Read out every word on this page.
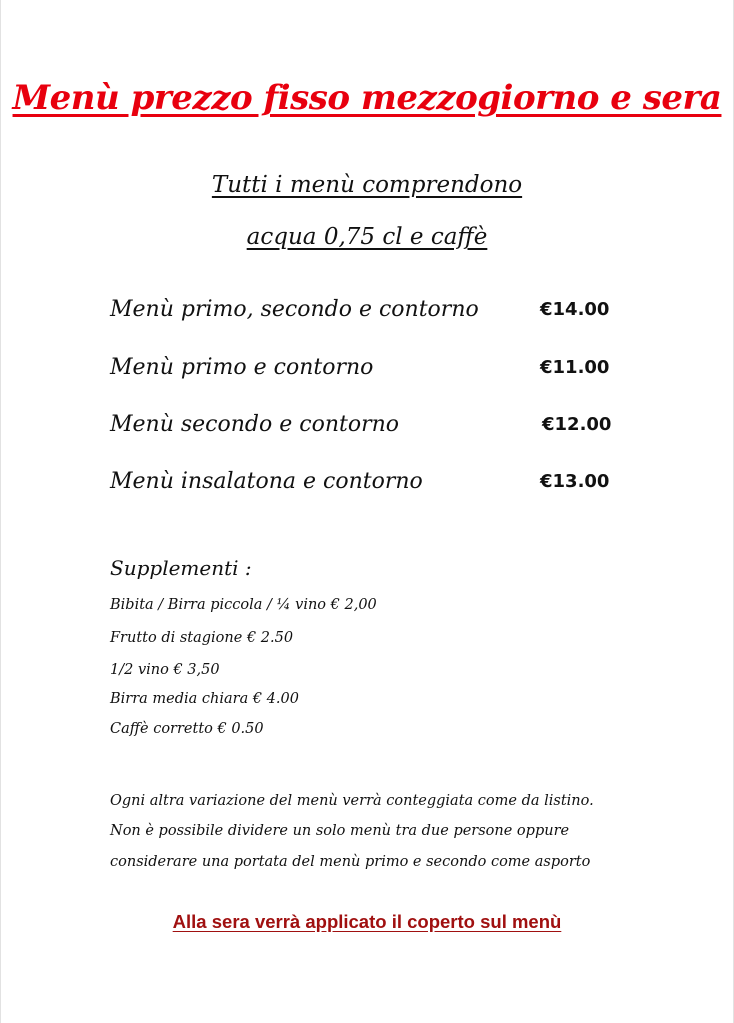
Menù prezzo fisso mezzogiorno e sera
Tutti i menù comprendono
acqua 0,75 cl e caffè
Menù primo, secondo e contorno	€14.00
Menù primo e contorno	€11.00
Menù secondo e contorno	€12.00
Menù insalatona e contorno	€13.00
Supplementi :
Bibita / Birra piccola / ¼ vino € 2,00
Frutto di stagione € 2.50
1/2 vino € 3,50
Birra media chiara € 4.00
Caffè corretto € 0.50
Ogni altra variazione del menù verrà conteggiata come da listino.
Non è possibile dividere un solo menù tra due persone oppure
considerare una portata del menù primo e secondo come asporto
Alla sera verrà applicato il coperto sul menù
